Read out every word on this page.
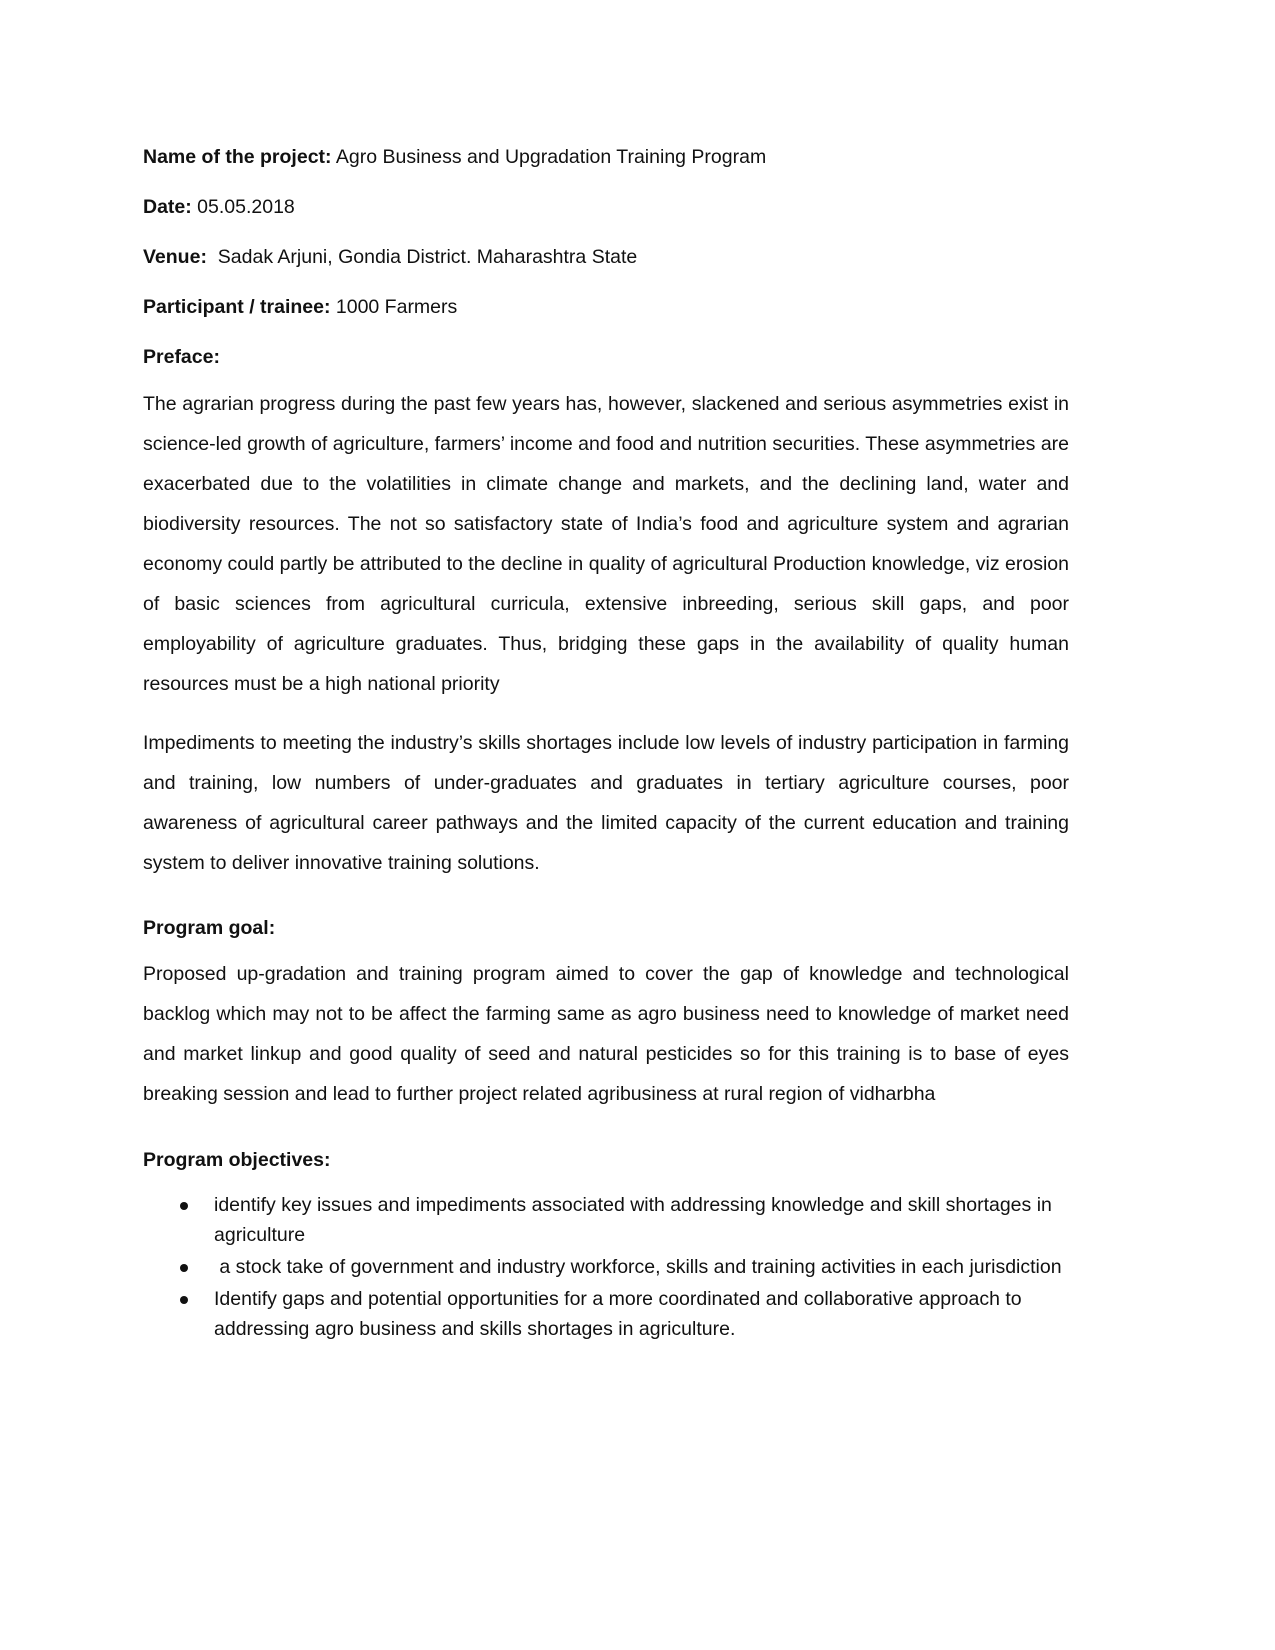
Name of the project: Agro Business and Upgradation Training Program

Date: 05.05.2018

Venue:  Sadak Arjuni, Gondia District. Maharashtra State

Participant / trainee: 1000 Farmers

Preface:

The agrarian progress during the past few years has, however, slackened and serious asymmetries exist in science-led growth of agriculture, farmers’ income and food and nutrition securities. These asymmetries are exacerbated due to the volatilities in climate change and markets, and the declining land, water and biodiversity resources. The not so satisfactory state of India’s food and agriculture system and agrarian economy could partly be attributed to the decline in quality of agricultural Production knowledge, viz erosion of basic sciences from agricultural curricula, extensive inbreeding, serious skill gaps, and poor employability of agriculture graduates. Thus, bridging these gaps in the availability of quality human resources must be a high national priority

Impediments to meeting the industry’s skills shortages include low levels of industry participation in farming and training, low numbers of under-graduates and graduates in tertiary agriculture courses, poor awareness of agricultural career pathways and the limited capacity of the current education and training system to deliver innovative training solutions.

Program goal:

Proposed up-gradation and training program aimed to cover the gap of knowledge and technological backlog which may not to be affect the farming same as agro business need to knowledge of market need and market linkup and good quality of seed and natural pesticides so for this training is to base of eyes breaking session and lead to further project related agribusiness at rural region of vidharbha

Program objectives:

identify key issues and impediments associated with addressing knowledge and skill shortages in agriculture
a stock take of government and industry workforce, skills and training activities in each jurisdiction
Identify gaps and potential opportunities for a more coordinated and collaborative approach to addressing agro business and skills shortages in agriculture.
